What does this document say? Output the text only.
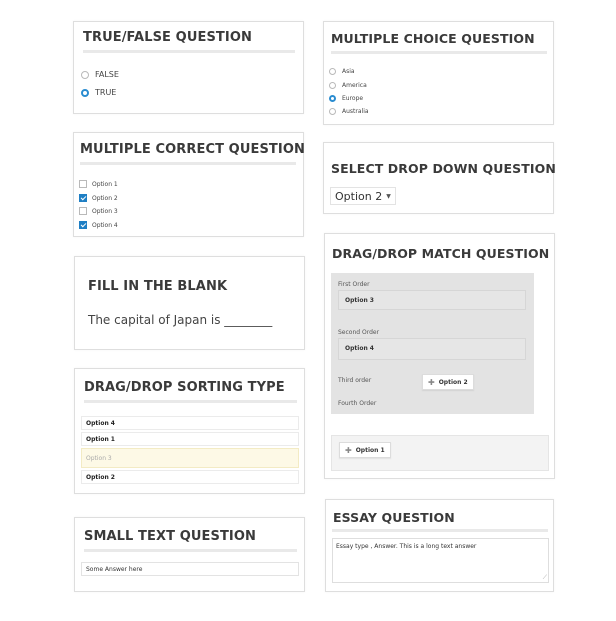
TRUE/FALSE QUESTION
FALSE
TRUE
MULTIPLE CHOICE QUESTION
Asia
America
Europe
Australia
MULTIPLE CORRECT QUESTION
Option 1
Option 2
Option 3
Option 4
SELECT DROP DOWN QUESTION
Option 2 ▼
FILL IN THE BLANK
The capital of Japan is ________
DRAG/DROP MATCH QUESTION
First Order
Option 3
Second Order
Option 4
Third order	✚ Option 2
Fourth Order
✚ Option 1
DRAG/DROP SORTING TYPE
Option 4
Option 1
Option 3
Option 2
SMALL TEXT QUESTION
Some Answer here
ESSAY QUESTION
Essay type , Answer. This is a long text answer
⟋
